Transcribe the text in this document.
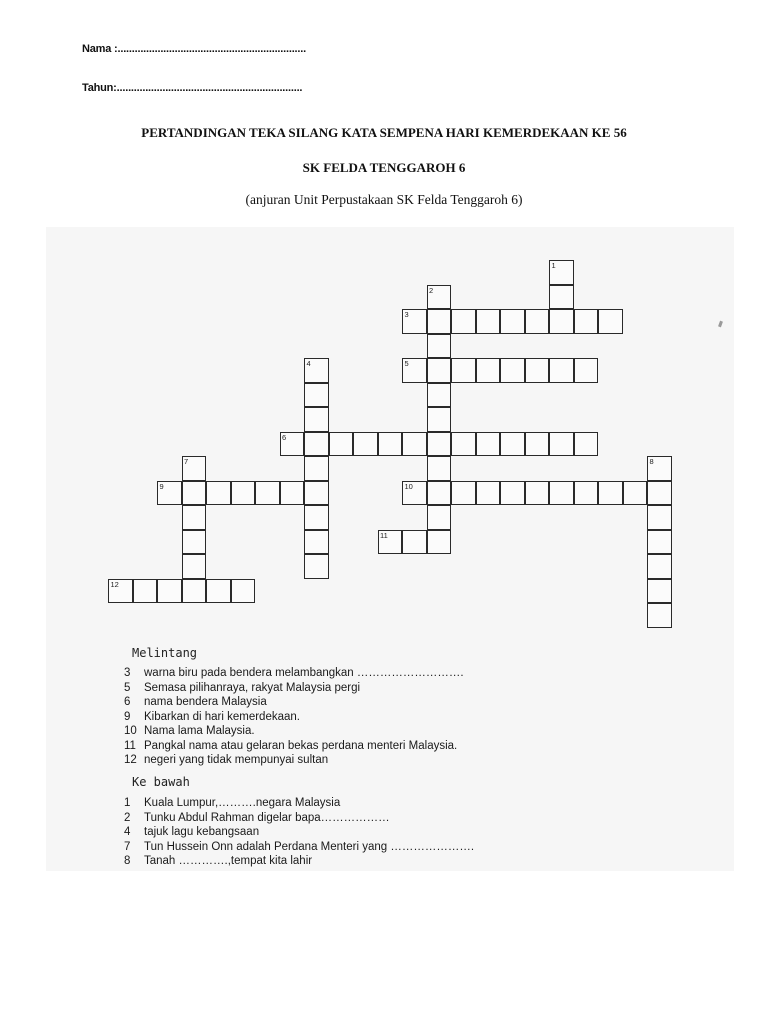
Nama :..................................................................
Tahun:.................................................................
PERTANDINGAN TEKA SILANG KATA SEMPENA HARI KEMERDEKAAN KE 56
SK FELDA TENGGAROH 6
(anjuran Unit Perpustakaan SK Felda Tenggaroh 6)
1
2
3
4	5
6
7	8
9	10
11
12
Melintang
3 warna biru pada bendera melambangkan ……………………….
5 Semasa pilihanraya, rakyat Malaysia pergi
6 nama bendera Malaysia
9 Kibarkan di hari kemerdekaan.
10 Nama lama Malaysia.
11 Pangkal nama atau gelaran bekas perdana menteri Malaysia.
12 negeri yang tidak mempunyai sultan
Ke bawah
1 Kuala Lumpur,……….negara Malaysia
2 Tunku Abdul Rahman digelar bapa………………
4 tajuk lagu kebangsaan
7 Tun Hussein Onn adalah Perdana Menteri yang ………………….
8 Tanah ………….,tempat kita lahir
